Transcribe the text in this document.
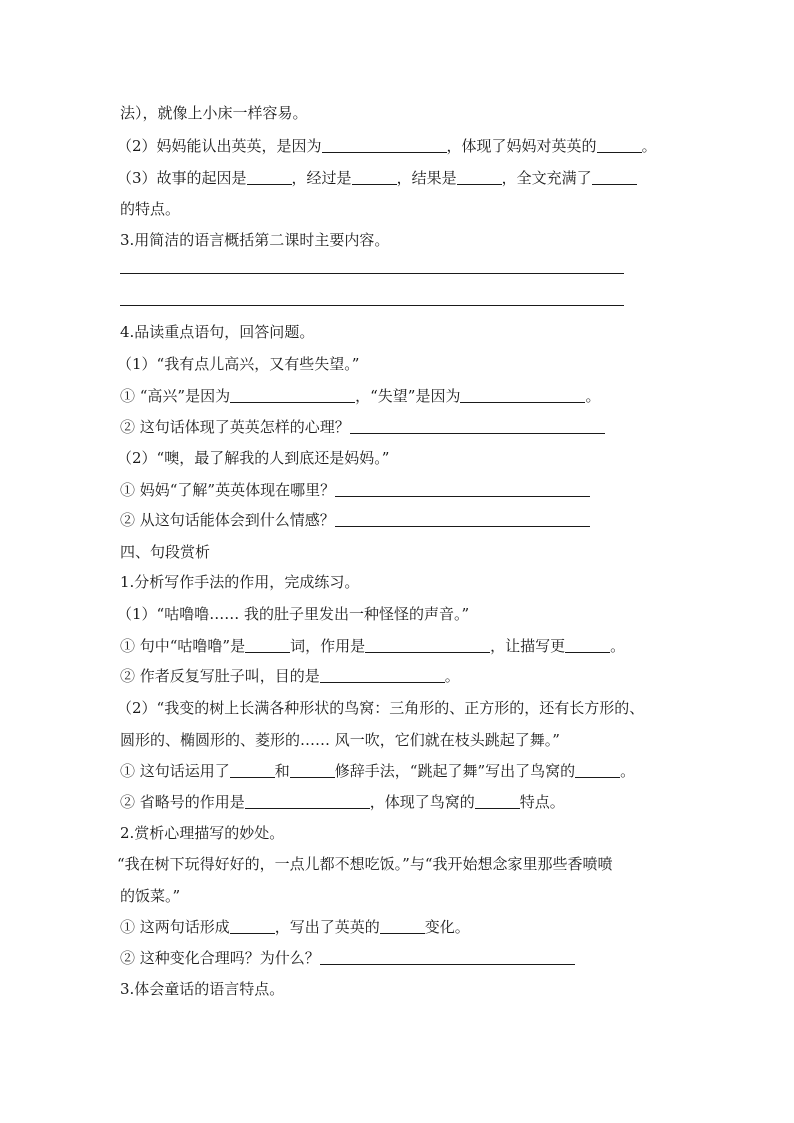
法），就像上小床一样容易。
（2）妈妈能认出英英，是因为	，体现了妈妈对英英的	。
（3）故事的起因是	，经过是	，结果是	，全文充满了
的特点。
3.用简洁的语言概括第二课时主要内容。
4.品读重点语句，回答问题。
（1）“我有点儿高兴，又有些失望。”
① “高兴”是因为	，“失望”是因为	。
② 这句话体现了英英怎样的心理？
（2）“噢，最了解我的人到底还是妈妈。”
① 妈妈“了解”英英体现在哪里？
② 从这句话能体会到什么情感？
四、句段赏析
1.分析写作手法的作用，完成练习。
（1）“咕噜噜…… 我的肚子里发出一种怪怪的声音。”
① 句中“咕噜噜”是	词，作用是	，让描写更	。
② 作者反复写肚子叫，目的是	。
（2）“我变的树上长满各种形状的鸟窝：三角形的、正方形的，还有长方形的、
圆形的、椭圆形的、菱形的…… 风一吹，它们就在枝头跳起了舞。”
① 这句话运用了	和	修辞手法，“跳起了舞”写出了鸟窝的	。
② 省略号的作用是	，体现了鸟窝的	特点。
2.赏析心理描写的妙处。
“我在树下玩得好好的，一点儿都不想吃饭。”与“我开始想念家里那些香喷喷
的饭菜。”
① 这两句话形成	，写出了英英的	变化。
② 这种变化合理吗？为什么？
3.体会童话的语言特点。
